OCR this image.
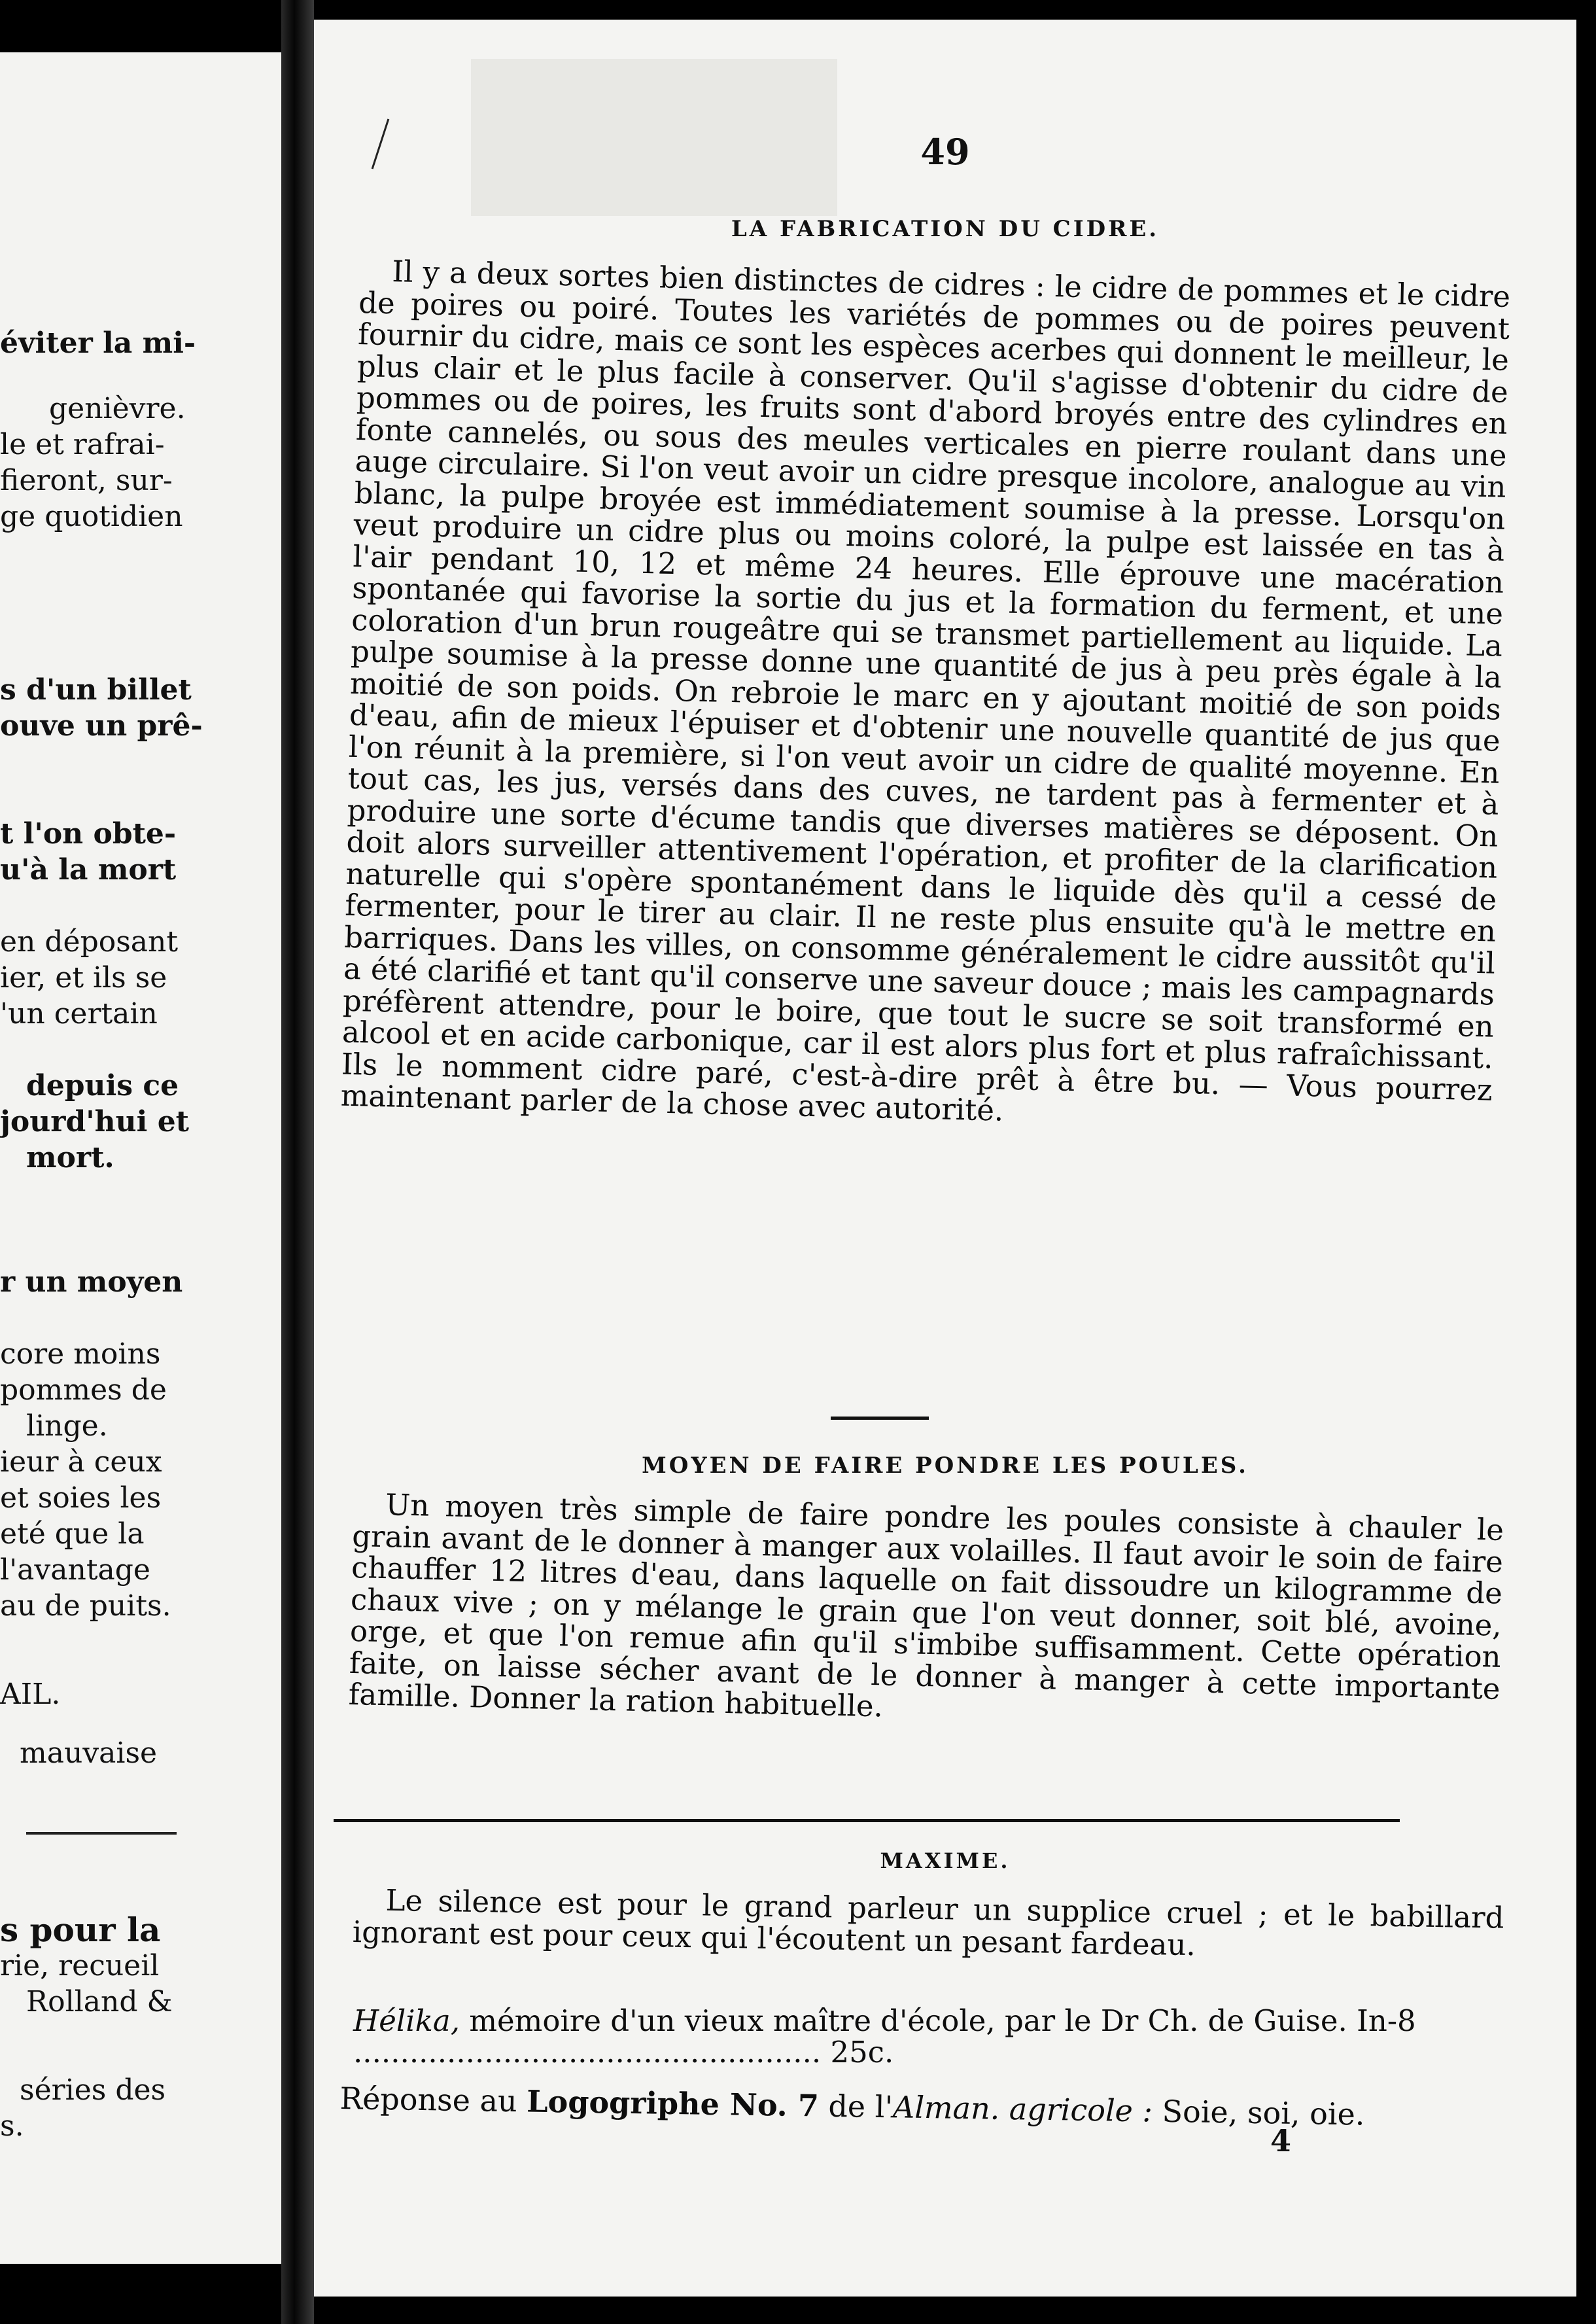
éviter la mi-
genièvre.
le et rafrai-
fieront, sur-
ge quotidien
s d'un billet
ouve un prê-
t l'on obte-
u'à la mort
en déposant
ier, et ils se
'un certain
depuis ce
jourd'hui et
mort.
r un moyen
core moins
pommes de
linge.
ieur à ceux
et soies les
eté que la
l'avantage
au de puits.
AIL.
mauvaise
s pour la
rie, recueil
Rolland &
séries des
s.
49
LA FABRICATION DU CIDRE.

Il y a deux sortes bien distinctes de cidres : le cidre de pommes et le cidre de poires ou poiré. Toutes les variétés de pommes ou de poires peuvent fournir du cidre, mais ce sont les espèces acerbes qui donnent le meilleur, le plus clair et le plus facile à conserver. Qu'il s'agisse d'obtenir du cidre de pommes ou de poires, les fruits sont d'abord broyés entre des cylindres en fonte cannelés, ou sous des meules verticales en pierre roulant dans une auge circulaire. Si l'on veut avoir un cidre presque incolore, analogue au vin blanc, la pulpe broyée est immédiatement soumise à la presse. Lorsqu'on veut produire un cidre plus ou moins coloré, la pulpe est laissée en tas à l'air pendant 10, 12 et même 24 heures. Elle éprouve une macération spontanée qui favorise la sortie du jus et la formation du ferment, et une coloration d'un brun rougeâtre qui se transmet partiellement au liquide. La pulpe soumise à la presse donne une quantité de jus à peu près égale à la moitié de son poids. On rebroie le marc en y ajoutant moitié de son poids d'eau, afin de mieux l'épuiser et d'obtenir une nouvelle quantité de jus que l'on réunit à la première, si l'on veut avoir un cidre de qualité moyenne. En tout cas, les jus, versés dans des cuves, ne tardent pas à fermenter et à produire une sorte d'écume tandis que diverses matières se déposent. On doit alors surveiller attentivement l'opération, et profiter de la clarification naturelle qui s'opère spontanément dans le liquide dès qu'il a cessé de fermenter, pour le tirer au clair. Il ne reste plus ensuite qu'à le mettre en barriques. Dans les villes, on consomme généralement le cidre aussitôt qu'il a été clarifié et tant qu'il conserve une saveur douce ; mais les campagnards préfèrent attendre, pour le boire, que tout le sucre se soit transformé en alcool et en acide carbonique, car il est alors plus fort et plus rafraîchissant. Ils le nomment cidre paré, c'est-à-dire prêt à être bu. — Vous pourrez maintenant parler de la chose avec autorité.

MOYEN DE FAIRE PONDRE LES POULES.

Un moyen très simple de faire pondre les poules consiste à chauler le grain avant de le donner à manger aux volailles. Il faut avoir le soin de faire chauffer 12 litres d'eau, dans laquelle on fait dissoudre un kilogramme de chaux vive ; on y mélange le grain que l'on veut donner, soit blé, avoine, orge, et que l'on remue afin qu'il s'imbibe suffisamment. Cette opération faite, on laisse sécher avant de le donner à manger à cette importante famille. Donner la ration habituelle.

MAXIME.

Le silence est pour le grand parleur un supplice cruel ; et le babillard ignorant est pour ceux qui l'écoutent un pesant fardeau.

Hélika, mémoire d'un vieux maître d'école, par le Dr Ch. de Guise. In-8 .................................................. 25c.
Réponse au Logogriphe No. 7 de l'Alman. agricole : Soie, soi, oie.
4
